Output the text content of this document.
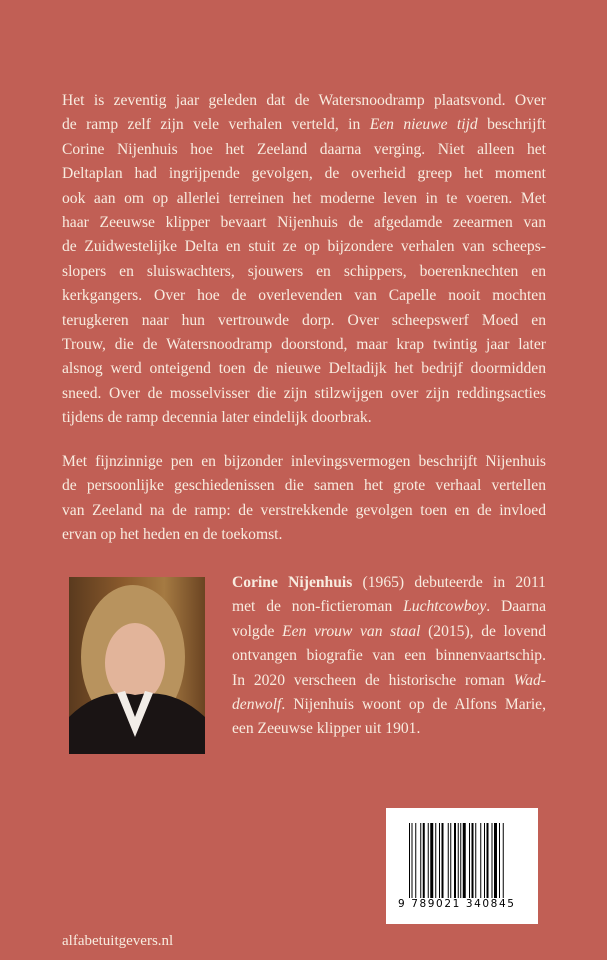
Het is zeventig jaar geleden dat de Watersnoodramp plaatsvond. Over
de ramp zelf zijn vele verhalen verteld, in Een nieuwe tijd beschrijft
Corine Nijenhuis hoe het Zeeland daarna verging. Niet alleen het
Deltaplan had ingrijpende gevolgen, de overheid greep het moment
ook aan om op allerlei terreinen het moderne leven in te voeren. Met
haar Zeeuwse klipper bevaart Nijenhuis de afgedamde zeearmen van
de Zuidwestelijke Delta en stuit ze op bijzondere verhalen van scheeps-
slopers en sluiswachters, sjouwers en schippers, boerenknechten en
kerkgangers. Over hoe de overlevenden van Capelle nooit mochten
terugkeren naar hun vertrouwde dorp. Over scheepswerf Moed en
Trouw, die de Watersnoodramp doorstond, maar krap twintig jaar later
alsnog werd onteigend toen de nieuwe Deltadijk het bedrijf doormidden
sneed. Over de mosselvisser die zijn stilzwijgen over zijn reddingsacties
tijdens de ramp decennia later eindelijk doorbrak.
Met fijnzinnige pen en bijzonder inlevingsvermogen beschrijft Nijenhuis
de persoonlijke geschiedenissen die samen het grote verhaal vertellen
van Zeeland na de ramp: de verstrekkende gevolgen toen en de invloed
ervan op het heden en de toekomst.
Corine Nijenhuis (1965) debuteerde in 2011
met de non-fictieroman Luchtcowboy. Daarna
volgde Een vrouw van staal (2015), de lovend
ontvangen biografie van een binnenvaartschip.
In 2020 verscheen de historische roman Wad-
denwolf. Nijenhuis woont op de Alfons Marie,
een Zeeuwse klipper uit 1901.
9 789021 340845
alfabetuitgevers.nl
